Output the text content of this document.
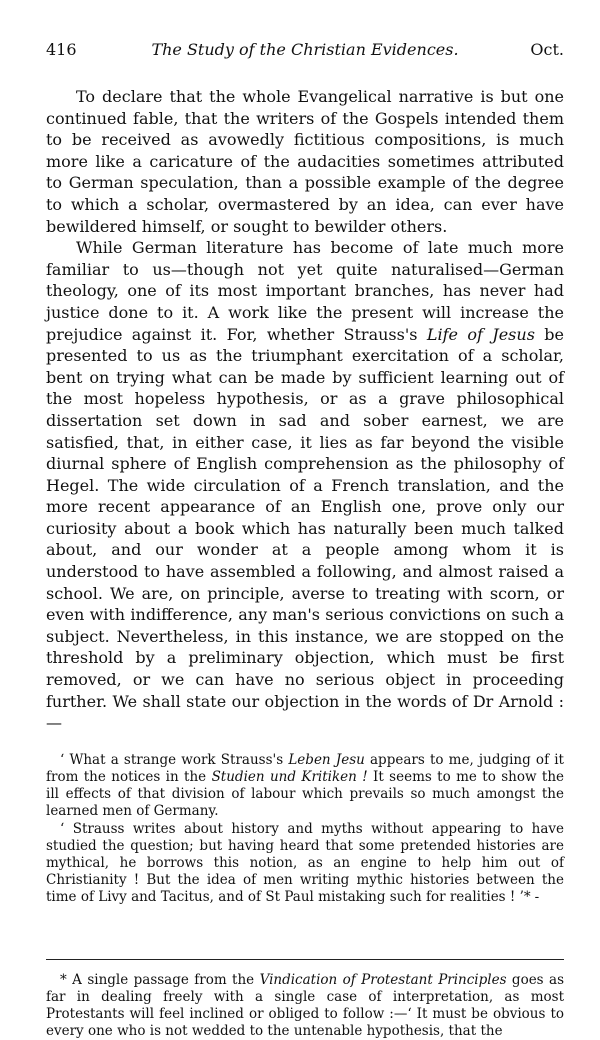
416	The Study of the Christian Evidences.	Oct.

To declare that the whole Evangelical narrative is but one continued fable, that the writers of the Gospels intended them to be received as avowedly fictitious compositions, is much more like a caricature of the audacities sometimes attributed to German speculation, than a possible example of the degree to which a scholar, overmastered by an idea, can ever have bewildered himself, or sought to bewilder others.

While German literature has become of late much more familiar to us—though not yet quite naturalised—German theology, one of its most important branches, has never had justice done to it. A work like the present will increase the prejudice against it. For, whether Strauss's Life of Jesus be presented to us as the triumphant exercitation of a scholar, bent on trying what can be made by sufficient learning out of the most hopeless hypothesis, or as a grave philosophical dissertation set down in sad and sober earnest, we are satisfied, that, in either case, it lies as far beyond the visible diurnal sphere of English comprehension as the philosophy of Hegel. The wide circulation of a French translation, and the more recent appearance of an English one, prove only our curiosity about a book which has naturally been much talked about, and our wonder at a people among whom it is understood to have assembled a following, and almost raised a school. We are, on principle, averse to treating with scorn, or even with indifference, any man's serious convictions on such a subject. Nevertheless, in this instance, we are stopped on the threshold by a preliminary objection, which must be first removed, or we can have no serious object in proceeding further. We shall state our objection in the words of Dr Arnold :—

‘ What a strange work Strauss's Leben Jesu appears to me, judging of it from the notices in the Studien und Kritiken ! It seems to me to show the ill effects of that division of labour which prevails so much amongst the learned men of Germany.

‘ Strauss writes about history and myths without appearing to have studied the question; but having heard that some pretended histories are mythical, he borrows this notion, as an engine to help him out of Christianity ! But the idea of men writing mythic histories between the time of Livy and Tacitus, and of St Paul mistaking such for realities ! ’* -

* A single passage from the Vindication of Protestant Principles goes as far in dealing freely with a single case of interpretation, as most Protestants will feel inclined or obliged to follow :—‘ It must be obvious to every one who is not wedded to the untenable hypothesis, that the
